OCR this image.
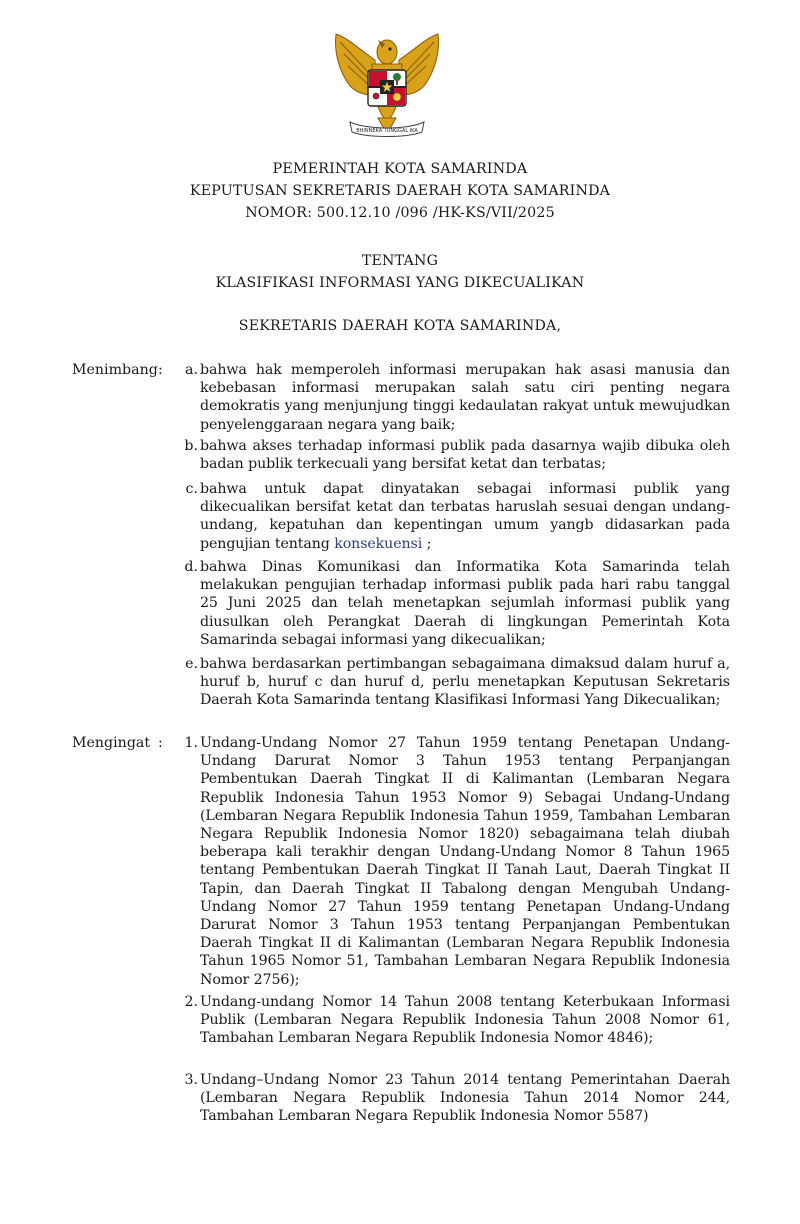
BHINNEKA TUNGGAL IKA
PEMERINTAH KOTA SAMARINDA
KEPUTUSAN SEKRETARIS DAERAH KOTA SAMARINDA
NOMOR: 500.12.10 /096 /HK-KS/VII/2025
TENTANG
KLASIFIKASI INFORMASI YANG DIKECUALIKAN
SEKRETARIS DAERAH KOTA SAMARINDA,
Menimbang :	a. bahwa hak memperoleh informasi merupakan hak asasi manusia dan kebebasan informasi merupakan salah satu ciri penting negara demokratis yang menjunjung tinggi kedaulatan rakyat untuk mewujudkan penyelenggaraan negara yang baik;
b. bahwa akses terhadap informasi publik pada dasarnya wajib dibuka oleh badan publik terkecuali yang bersifat ketat dan terbatas;
c. bahwa untuk dapat dinyatakan sebagai informasi publik yang dikecualikan bersifat ketat dan terbatas haruslah sesuai dengan undang-undang, kepatuhan dan kepentingan umum yangb didasarkan pada pengujian tentang konsekuensi ;
d. bahwa Dinas Komunikasi dan Informatika Kota Samarinda telah melakukan pengujian terhadap informasi publik pada hari rabu tanggal 25 Juni 2025 dan telah menetapkan sejumlah informasi publik yang diusulkan oleh Perangkat Daerah di lingkungan Pemerintah Kota Samarinda sebagai informasi yang dikecualikan;
e. bahwa berdasarkan pertimbangan sebagaimana dimaksud dalam huruf a, huruf b, huruf c dan huruf d, perlu menetapkan Keputusan Sekretaris Daerah Kota Samarinda tentang Klasifikasi Informasi Yang Dikecualikan;
Mengingat :	1. Undang-Undang Nomor 27 Tahun 1959 tentang Penetapan Undang-Undang Darurat Nomor 3 Tahun 1953 tentang Perpanjangan Pembentukan Daerah Tingkat II di Kalimantan (Lembaran Negara Republik Indonesia Tahun 1953 Nomor 9) Sebagai Undang-Undang (Lembaran Negara Republik Indonesia Tahun 1959, Tambahan Lembaran Negara Republik Indonesia Nomor 1820) sebagaimana telah diubah beberapa kali terakhir dengan Undang-Undang Nomor 8 Tahun 1965 tentang Pembentukan Daerah Tingkat II Tanah Laut, Daerah Tingkat II Tapin, dan Daerah Tingkat II Tabalong dengan Mengubah Undang-Undang Nomor 27 Tahun 1959 tentang Penetapan Undang-Undang Darurat Nomor 3 Tahun 1953 tentang Perpanjangan Pembentukan Daerah Tingkat II di Kalimantan (Lembaran Negara Republik Indonesia Tahun 1965 Nomor 51, Tambahan Lembaran Negara Republik Indonesia Nomor 2756);
2. Undang-undang Nomor 14 Tahun 2008 tentang Keterbukaan Informasi Publik (Lembaran Negara Republik Indonesia Tahun 2008 Nomor 61, Tambahan Lembaran Negara Republik Indonesia Nomor 4846);
3. Undang–Undang Nomor 23 Tahun 2014 tentang Pemerintahan Daerah (Lembaran Negara Republik Indonesia Tahun 2014 Nomor 244, Tambahan Lembaran Negara Republik Indonesia Nomor 5587)
